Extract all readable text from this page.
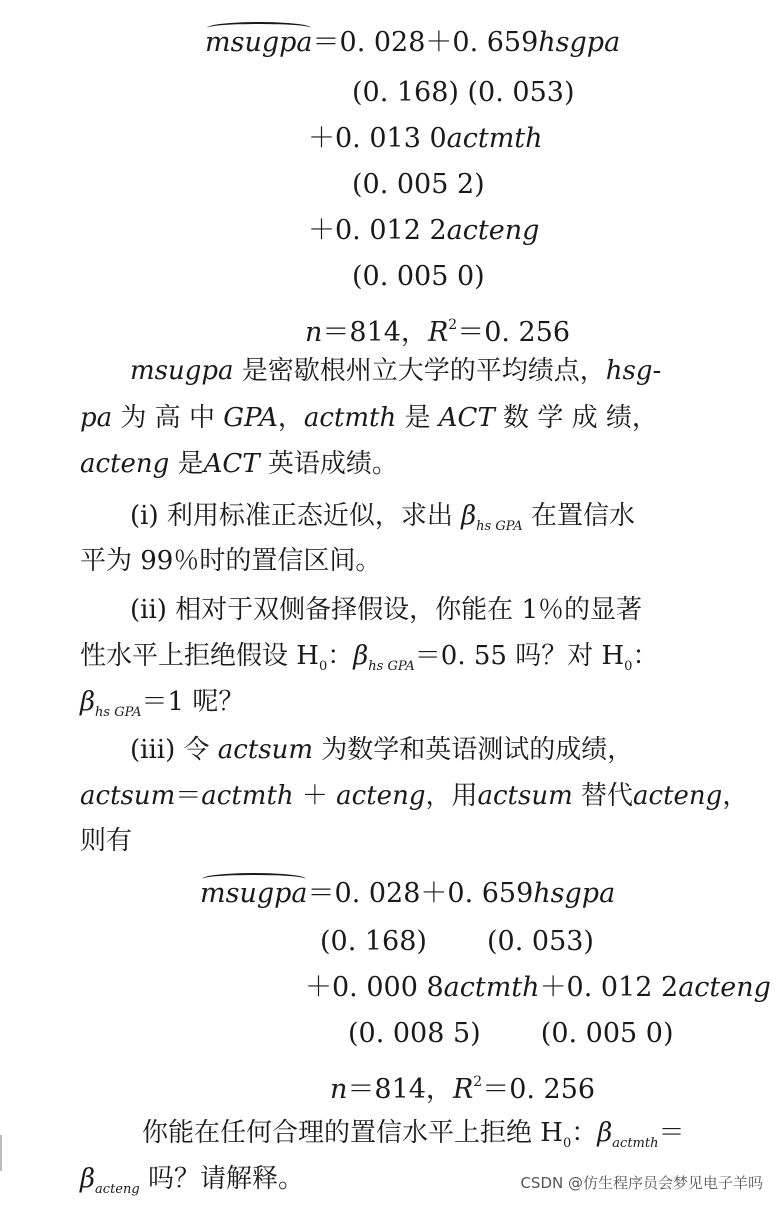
msugpa＝0. 028＋0. 659hsgpa
(0. 168) (0. 053)
＋0. 013 0actmth
(0. 005 2)
＋0. 012 2acteng
(0. 005 0)
n＝814，$R^2=0$. 256
msugpa 是密歇根州立大学的平均绩点，hsg-
pa 为 高 中 GPA，actmth 是 ACT 数 学 成 绩，
acteng 是ACT 英语成绩。
(i) 利用标准正态近似，求出 $\beta_{hs GPA}$ 在置信水
平为 99％时的置信区间。
(ii) 相对于双侧备择假设，你能在 1％的显著
性水平上拒绝假设 $H_0$：$\beta_{hs GPA}=0$. 55 吗？对 $H_0$：
$\beta_{hs GPA}=1$ 呢？
(iii) 令 actsum 为数学和英语测试的成绩，
actsum＝actmth ＋ acteng，用actsum 替代acteng，
则有
msugpa＝0. 028＋0. 659hsgpa
(0. 168)       (0. 053)
＋0. 000 8actmth＋0. 012 2acteng
(0. 008 5)       (0. 005 0)
n＝814，$R^2=0$. 256
你能在任何合理的置信水平上拒绝 $H_0$：$\beta_{actmth}=$
$\beta_{acteng}$ 吗？请解释。	CSDN @仿生程序员会梦见电子羊吗
